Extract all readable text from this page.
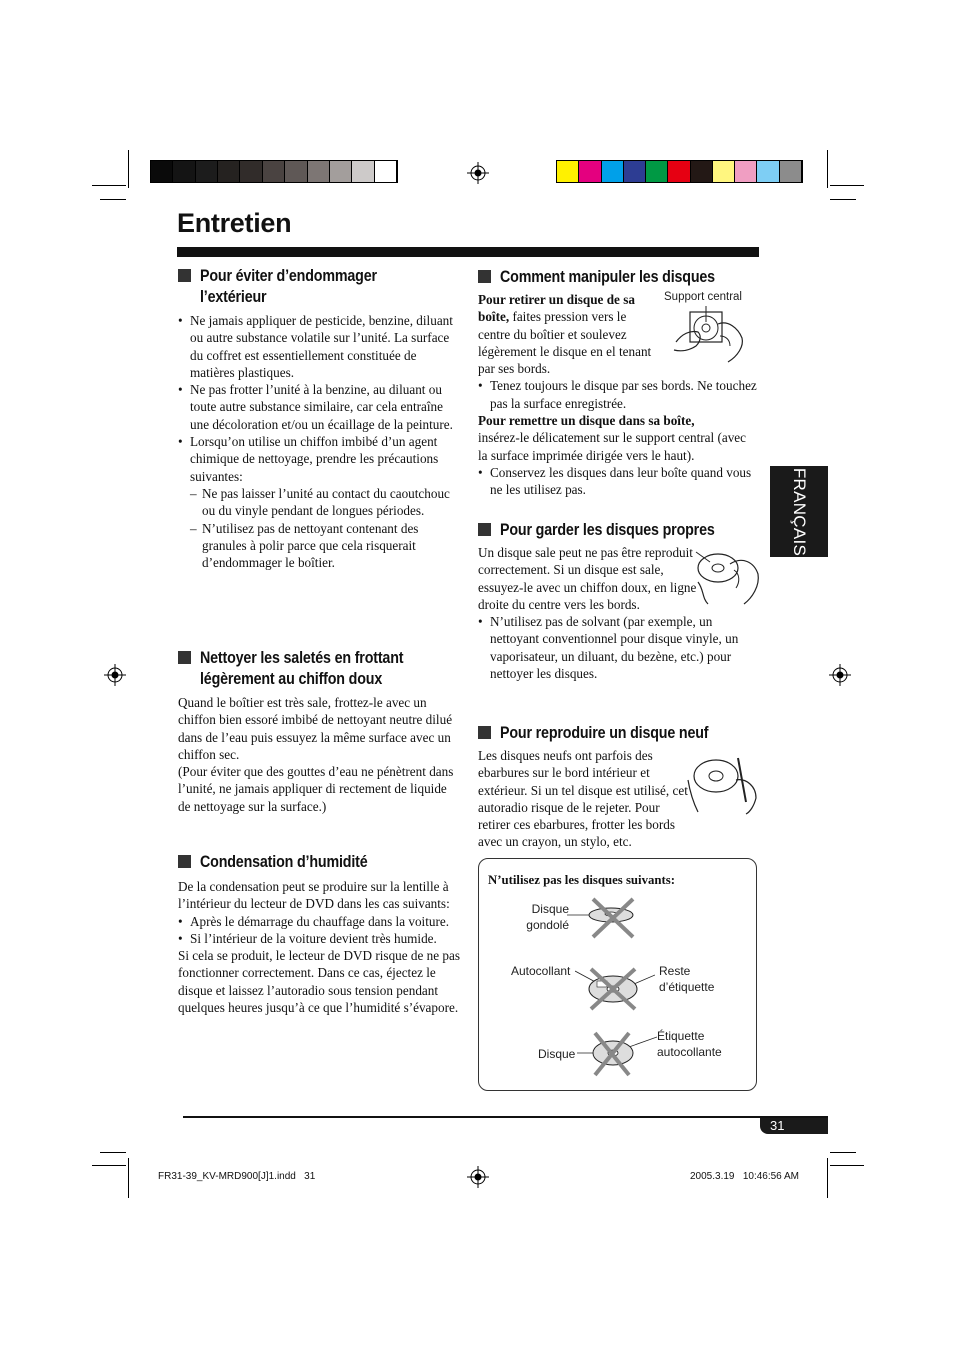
Entretien
FRANÇAIS
Pour éviter d’endommager l’extérieur
• Ne jamais appliquer de pesticide, benzine, diluant ou autre substance volatile sur l’unité. La surface du coffret est essentiellement constituée de matières plastiques.
• Ne pas frotter l’unité à la benzine, au diluant ou toute autre substance similaire, car cela entraîne une décoloration et/ou un écaillage de la peinture.
• Lorsqu’on utilise un chiffon imbibé d’un agent chimique de nettoyage, prendre les précautions suivantes:
– Ne pas laisser l’unité au contact du caoutchouc ou du vinyle pendant de longues périodes.
– N’utilisez pas de nettoyant contenant des granules à polir parce que cela risquerait d’endommager le boîtier.
Nettoyer les saletés en frottant légèrement au chiffon doux

Quand le boîtier est très sale, frottez-le avec un chiffon bien essoré imbibé de nettoyant neutre dilué dans de l’eau puis essuyez la même surface avec un chiffon sec.

(Pour éviter que des gouttes d’eau ne pénètrent dans l’unité, ne jamais appliquer di rectement de liquide de nettoyage sur la surface.)

Condensation d’humidité

De la condensation peut se produire sur la lentille à l’intérieur du lecteur de DVD dans les cas suivants:

• Après le démarrage du chauffage dans la voiture.
• Si l’intérieur de la voiture devient très humide.

Si cela se produit, le lecteur de DVD risque de ne pas fonctionner correctement. Dans ce cas, éjectez le disque et laissez l’autoradio sous tension pendant quelques heures jusqu’à ce que l’humidité s’évapore.

Comment manipuler les disques
Support central

Pour retirer un disque de sa boîte, faites pression vers le centre du boîtier et soulevez légèrement le disque en el tenant par ses bords.

• Tenez toujours le disque par ses bords. Ne touchez pas la surface enregistrée.

Pour remettre un disque dans sa boîte,

insérez-le délicatement sur le support central (avec la surface imprimée dirigée vers le haut).

• Conservez les disques dans leur boîte quand vous ne les utilisez pas.
Pour garder les disques propres

Un disque sale peut ne pas être reproduit correctement. Si un disque est sale, essuyez-le avec un chiffon doux, en ligne droite du centre vers les bords.

• N’utilisez pas de solvant (par exemple, un nettoyant conventionnel pour disque vinyle, un vaporisateur, un diluant, du bezène, etc.) pour nettoyer les disques.
Pour reproduire un disque neuf

Les disques neufs ont parfois des ebarbures sur le bord intérieur et extérieur. Si un tel disque est utilisé, cet autoradio risque de le rejeter. Pour retirer ces ebarbures, frotter les bords avec un crayon, un stylo, etc.

N’utilisez pas les disques suivants:
Disque gondolé
Autocollant	Reste d’étiquette
Disque
Étiquette autocollante
31
FR31-39_KV-MRD900[J]1.indd   31	2005.3.19   10:46:56 AM
